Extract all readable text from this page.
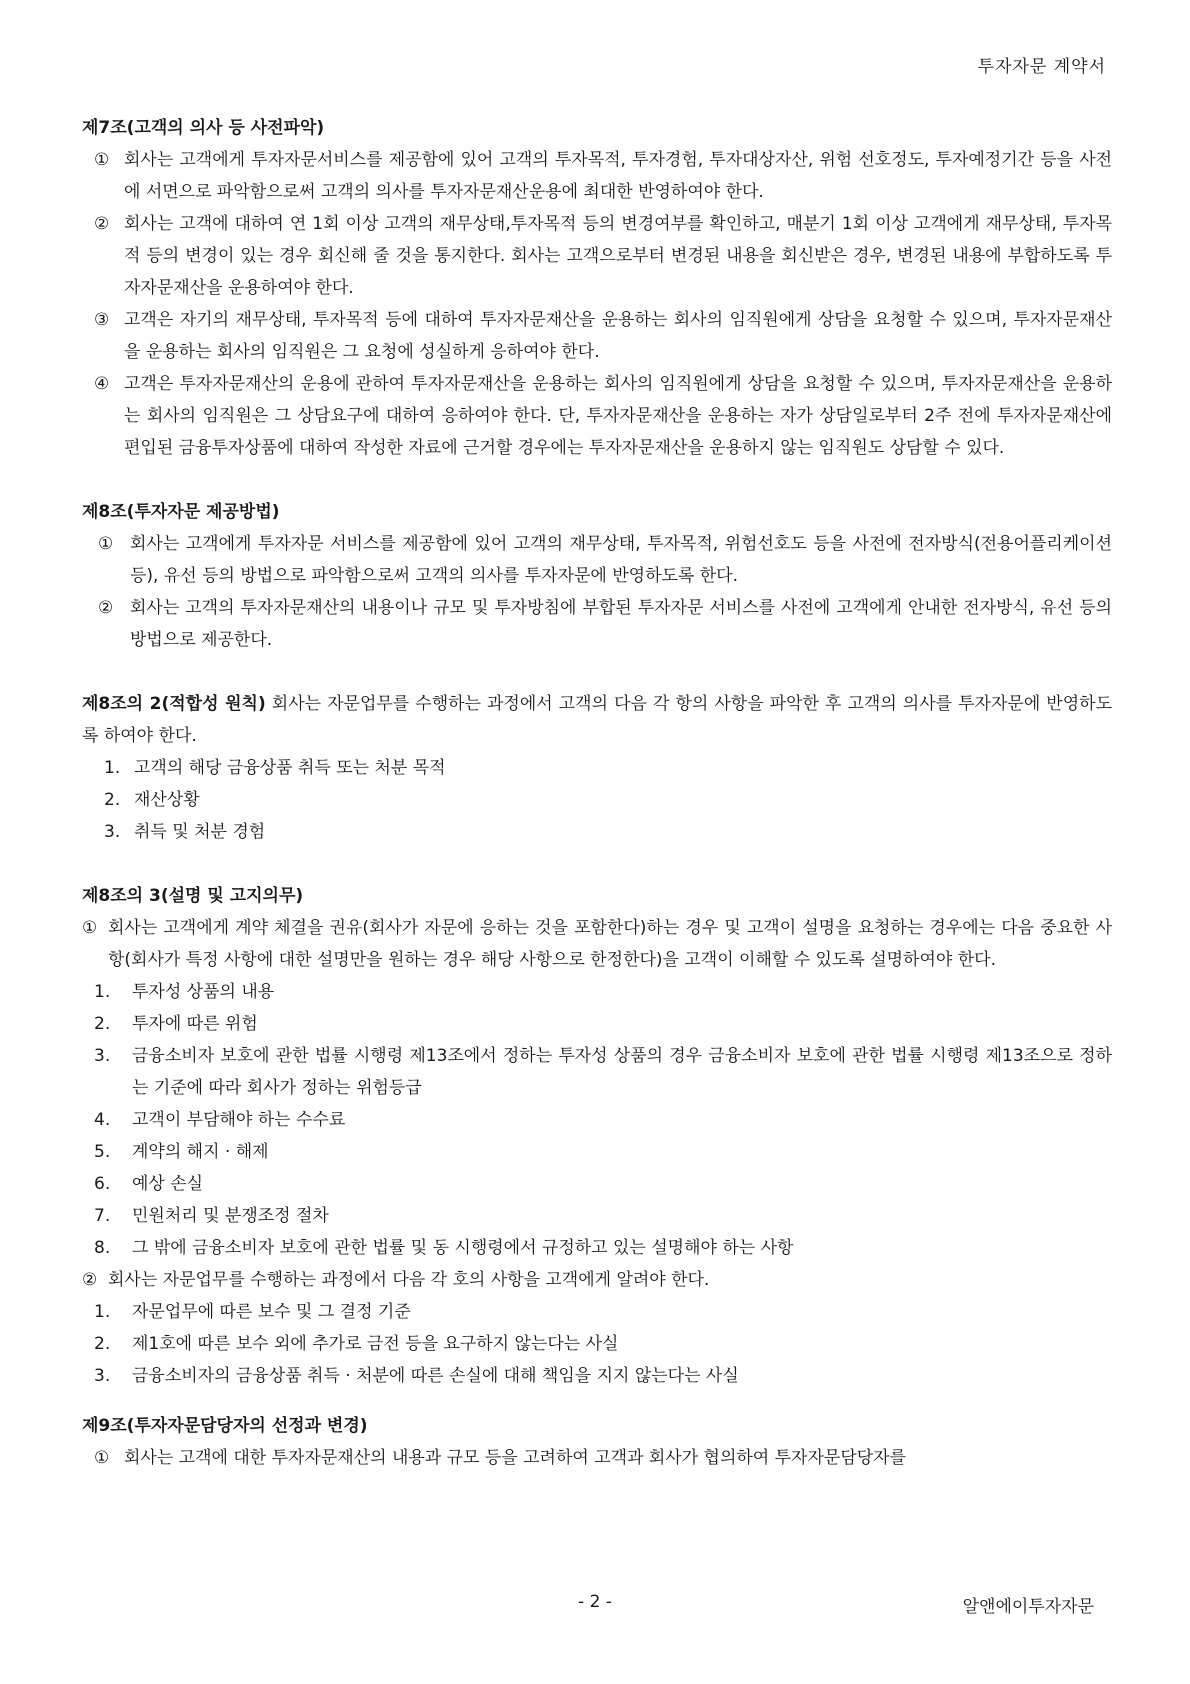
투자자문 계약서
제7조(고객의 의사 등 사전파악)
① 회사는 고객에게 투자자문서비스를 제공함에 있어 고객의 투자목적, 투자경험, 투자대상자산, 위험 선호정도, 투자예정기간 등을 사전에 서면으로 파악함으로써 고객의 의사를 투자자문재산운용에 최대한 반영하여야 한다.
② 회사는 고객에 대하여 연 1회 이상 고객의 재무상태,투자목적 등의 변경여부를 확인하고, 매분기 1회 이상 고객에게 재무상태, 투자목적 등의 변경이 있는 경우 회신해 줄 것을 통지한다. 회사는 고객으로부터 변경된 내용을 회신받은 경우, 변경된 내용에 부합하도록 투자자문재산을 운용하여야 한다.
③ 고객은 자기의 재무상태, 투자목적 등에 대하여 투자자문재산을 운용하는 회사의 임직원에게 상담을 요청할 수 있으며, 투자자문재산을 운용하는 회사의 임직원은 그 요청에 성실하게 응하여야 한다.
④ 고객은 투자자문재산의 운용에 관하여 투자자문재산을 운용하는 회사의 임직원에게 상담을 요청할 수 있으며, 투자자문재산을 운용하는 회사의 임직원은 그 상담요구에 대하여 응하여야 한다. 단, 투자자문재산을 운용하는 자가 상담일로부터 2주 전에 투자자문재산에 편입된 금융투자상품에 대하여 작성한 자료에 근거할 경우에는 투자자문재산을 운용하지 않는 임직원도 상담할 수 있다.
제8조(투자자문 제공방법)
① 회사는 고객에게 투자자문 서비스를 제공함에 있어 고객의 재무상태, 투자목적, 위험선호도 등을 사전에 전자방식(전용어플리케이션 등), 유선 등의 방법으로 파악함으로써 고객의 의사를 투자자문에 반영하도록 한다.
② 회사는 고객의 투자자문재산의 내용이나 규모 및 투자방침에 부합된 투자자문 서비스를 사전에 고객에게 안내한 전자방식, 유선 등의 방법으로 제공한다.
제8조의 2(적합성 원칙) 회사는 자문업무를 수행하는 과정에서 고객의 다음 각 항의 사항을 파악한 후 고객의 의사를 투자자문에 반영하도록 하여야 한다.
1. 고객의 해당 금융상품 취득 또는 처분 목적
2. 재산상황
3. 취득 및 처분 경험
제8조의 3(설명 및 고지의무)
① 회사는 고객에게 계약 체결을 권유(회사가 자문에 응하는 것을 포함한다)하는 경우 및 고객이 설명을 요청하는 경우에는 다음 중요한 사항(회사가 특정 사항에 대한 설명만을 원하는 경우 해당 사항으로 한정한다)을 고객이 이해할 수 있도록 설명하여야 한다.
1. 투자성 상품의 내용
2. 투자에 따른 위험
3. 금융소비자 보호에 관한 법률 시행령 제13조에서 정하는 투자성 상품의 경우 금융소비자 보호에 관한 법률 시행령 제13조으로 정하는 기준에 따라 회사가 정하는 위험등급
4. 고객이 부담해야 하는 수수료
5. 계약의 해지 · 해제
6. 예상 손실
7. 민원처리 및 분쟁조정 절차
8. 그 밖에 금융소비자 보호에 관한 법률 및 동 시행령에서 규정하고 있는 설명해야 하는 사항
② 회사는 자문업무를 수행하는 과정에서 다음 각 호의 사항을 고객에게 알려야 한다.
1. 자문업무에 따른 보수 및 그 결정 기준
2. 제1호에 따른 보수 외에 추가로 금전 등을 요구하지 않는다는 사실
3. 금융소비자의 금융상품 취득 · 처분에 따른 손실에 대해 책임을 지지 않는다는 사실
제9조(투자자문담당자의 선정과 변경)
① 회사는 고객에 대한 투자자문재산의 내용과 규모 등을 고려하여 고객과 회사가 협의하여 투자자문담당자를
- 2 -	알앤에이투자자문
